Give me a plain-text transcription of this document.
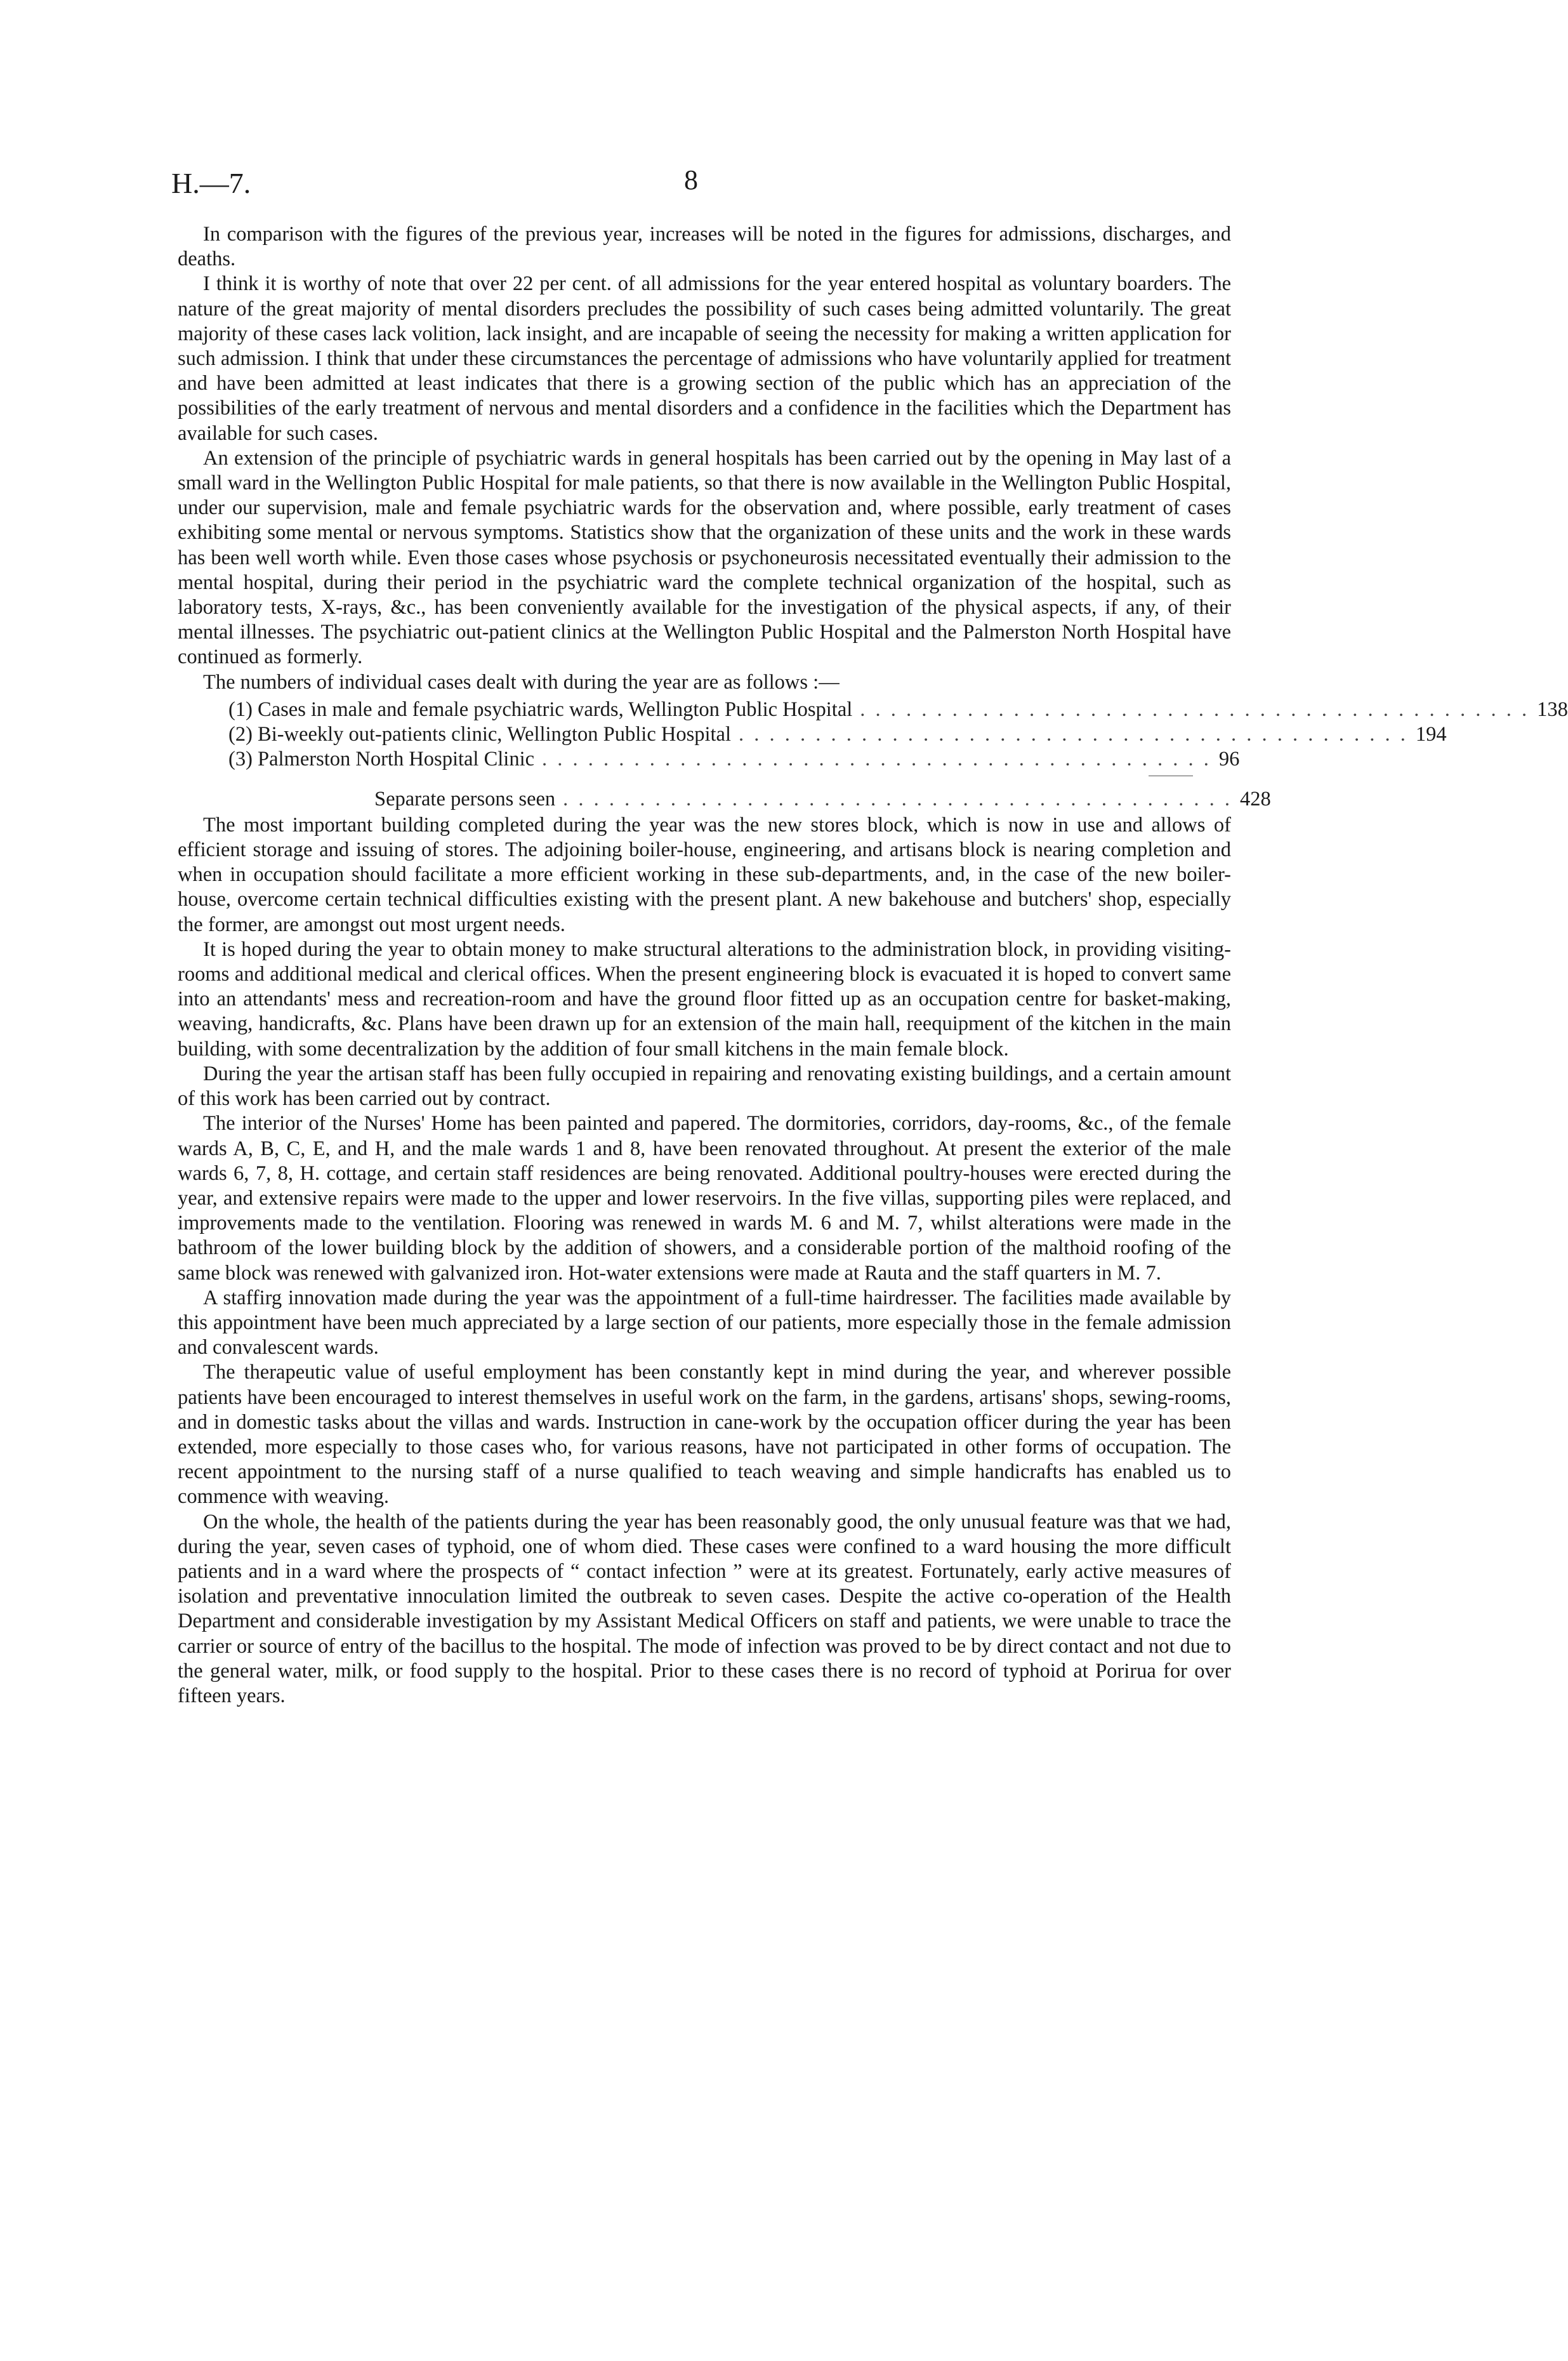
H.—7.	8

In comparison with the figures of the previous year, increases will be noted in the figures for admissions, discharges, and deaths.

I think it is worthy of note that over 22 per cent. of all admissions for the year entered hospital as voluntary boarders. The nature of the great majority of mental disorders precludes the possibility of such cases being admitted voluntarily. The great majority of these cases lack volition, lack insight, and are incapable of seeing the necessity for making a written application for such admission. I think that under these circumstances the percentage of admissions who have voluntarily applied for treatment and have been admitted at least indicates that there is a growing section of the public which has an appreciation of the possibilities of the early treatment of nervous and mental disorders and a confidence in the facilities which the Department has available for such cases.

An extension of the principle of psychiatric wards in general hospitals has been carried out by the opening in May last of a small ward in the Wellington Public Hospital for male patients, so that there is now available in the Wellington Public Hospital, under our supervision, male and female psychiatric wards for the observation and, where possible, early treatment of cases exhibiting some mental or nervous symptoms. Statistics show that the organization of these units and the work in these wards has been well worth while. Even those cases whose psychosis or psychoneurosis necessitated eventually their admission to the mental hospital, during their period in the psychiatric ward the complete technical organization of the hospital, such as laboratory tests, X-rays, &c., has been conveniently available for the investigation of the physical aspects, if any, of their mental illnesses. The psychiatric out-patient clinics at the Wellington Public Hospital and the Palmerston North Hospital have continued as formerly.

The numbers of individual cases dealt with during the year are as follows :—

(1) Cases in male and female psychiatric wards, Wellington Public Hospital . . . . . . . . . . . . . . . . . . . . . . . . . . . . . . . . . . . . . . . . . . . . 138
(2) Bi-weekly out-patients clinic, Wellington Public Hospital . . . . . . . . . . . . . . . . . . . . . . . . . . . . . . . . . . . . . . . . . . . . 194
(3) Palmerston North Hospital Clinic . . . . . . . . . . . . . . . . . . . . . . . . . . . . . . . . . . . . . . . . . . . . 96
Separate persons seen . . . . . . . . . . . . . . . . . . . . . . . . . . . . . . . . . . . . . . . . . . . . 428

The most important building completed during the year was the new stores block, which is now in use and allows of efficient storage and issuing of stores. The adjoining boiler-house, engineering, and artisans block is nearing completion and when in occupation should facilitate a more efficient working in these sub-departments, and, in the case of the new boiler-house, overcome certain technical difficulties existing with the present plant. A new bakehouse and butchers' shop, especially the former, are amongst out most urgent needs.

It is hoped during the year to obtain money to make structural alterations to the administration block, in providing visiting-rooms and additional medical and clerical offices. When the present engineering block is evacuated it is hoped to convert same into an attendants' mess and recreation-room and have the ground floor fitted up as an occupation centre for basket-making, weaving, handicrafts, &c. Plans have been drawn up for an extension of the main hall, reequipment of the kitchen in the main building, with some decentralization by the addition of four small kitchens in the main female block.

During the year the artisan staff has been fully occupied in repairing and renovating existing buildings, and a certain amount of this work has been carried out by contract.

The interior of the Nurses' Home has been painted and papered. The dormitories, corridors, day-rooms, &c., of the female wards A, B, C, E, and H, and the male wards 1 and 8, have been renovated throughout. At present the exterior of the male wards 6, 7, 8, H. cottage, and certain staff residences are being renovated. Additional poultry-houses were erected during the year, and extensive repairs were made to the upper and lower reservoirs. In the five villas, supporting piles were replaced, and improvements made to the ventilation. Flooring was renewed in wards M. 6 and M. 7, whilst alterations were made in the bathroom of the lower building block by the addition of showers, and a considerable portion of the malthoid roofing of the same block was renewed with galvanized iron. Hot-water extensions were made at Rauta and the staff quarters in M. 7.

A staffirg innovation made during the year was the appointment of a full-time hairdresser. The facilities made available by this appointment have been much appreciated by a large section of our patients, more especially those in the female admission and convalescent wards.

The therapeutic value of useful employment has been constantly kept in mind during the year, and wherever possible patients have been encouraged to interest themselves in useful work on the farm, in the gardens, artisans' shops, sewing-rooms, and in domestic tasks about the villas and wards. Instruction in cane-work by the occupation officer during the year has been extended, more especially to those cases who, for various reasons, have not participated in other forms of occupation. The recent appointment to the nursing staff of a nurse qualified to teach weaving and simple handicrafts has enabled us to commence with weaving.

On the whole, the health of the patients during the year has been reasonably good, the only unusual feature was that we had, during the year, seven cases of typhoid, one of whom died. These cases were confined to a ward housing the more difficult patients and in a ward where the prospects of “ contact infection ” were at its greatest. Fortunately, early active measures of isolation and preventative innoculation limited the outbreak to seven cases. Despite the active co-operation of the Health Department and considerable investigation by my Assistant Medical Officers on staff and patients, we were unable to trace the carrier or source of entry of the bacillus to the hospital. The mode of infection was proved to be by direct contact and not due to the general water, milk, or food supply to the hospital. Prior to these cases there is no record of typhoid at Porirua for over fifteen years.
